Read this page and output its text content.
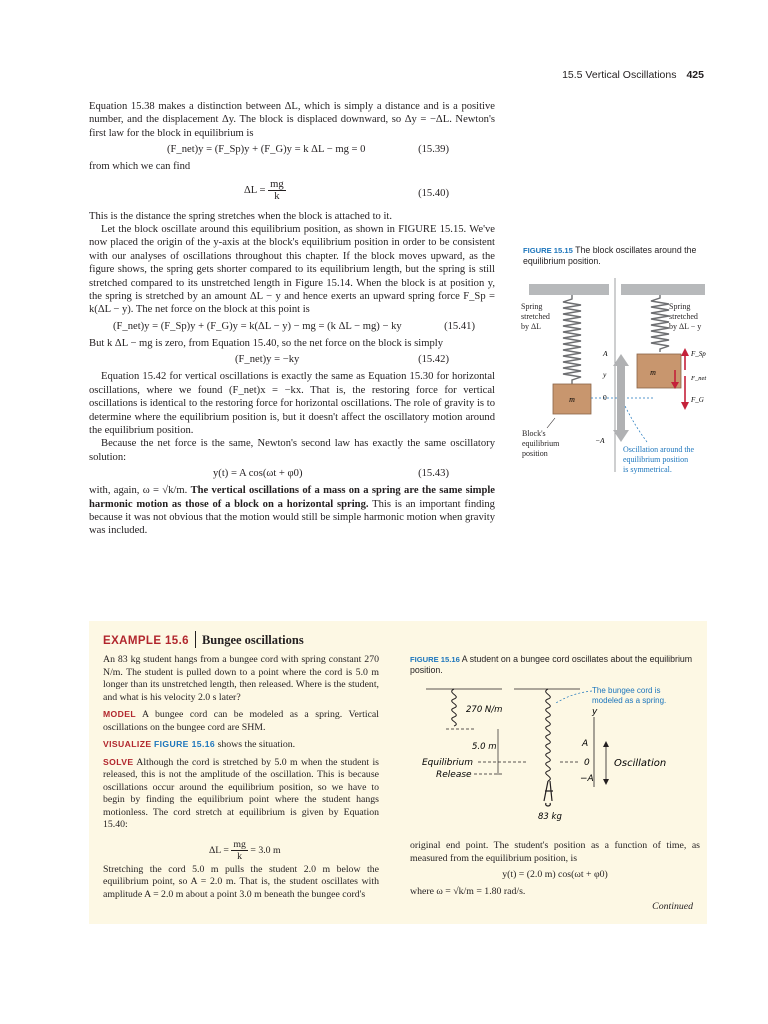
15.5 Vertical Oscillations 425

Equation 15.38 makes a distinction between ΔL, which is simply a distance and is a positive number, and the displacement Δy. The block is displaced downward, so Δy = −ΔL. Newton's first law for the block in equilibrium is

(F_net)y = (F_Sp)y + (F_G)y = k ΔL − mg = 0	(15.39)

from which we can find

$\Delta L = \frac{mg}{k}$	(15.40)

This is the distance the spring stretches when the block is attached to it.

Let the block oscillate around this equilibrium position, as shown in FIGURE 15.15. We've now placed the origin of the y-axis at the block's equilibrium position in order to be consistent with our analyses of oscillations throughout this chapter. If the block moves upward, as the figure shows, the spring gets shorter compared to its equilibrium length, but the spring is still stretched compared to its unstretched length in Figure 15.14. When the block is at position y, the spring is stretched by an amount ΔL − y and hence exerts an upward spring force F_Sp = k(ΔL − y). The net force on the block at this point is

(F_net)y = (F_Sp)y + (F_G)y = k(ΔL − y) − mg = (k ΔL − mg) − ky	(15.41)

But k ΔL − mg is zero, from Equation 15.40, so the net force on the block is simply

(F_net)y = −ky	(15.42)

Equation 15.42 for vertical oscillations is exactly the same as Equation 15.30 for horizontal oscillations, where we found (F_net)x = −kx. That is, the restoring force for vertical oscillations is identical to the restoring force for horizontal oscillations. The role of gravity is to determine where the equilibrium position is, but it doesn't affect the oscillatory motion around the equilibrium position.

Because the net force is the same, Newton's second law has exactly the same oscillatory solution:

y(t) = A cos(ωt + φ0)	(15.43)

with, again, ω = √k/m. The vertical oscillations of a mass on a spring are the same simple harmonic motion as those of a block on a horizontal spring. This is an important finding because it was not obvious that the motion would still be simple harmonic motion when gravity was included.

FIGURE 15.15 The block oscillates around the equilibrium position.
m
m
A
y
0
−A
F_Sp
F_net
F_G
Spring stretched by ΔL
Spring stretched by ΔL − y
Block's equilibrium position	Oscillation around the equilibrium position is symmetrical.
EXAMPLE 15.6 Bungee oscillations

An 83 kg student hangs from a bungee cord with spring constant 270 N/m. The student is pulled down to a point where the cord is 5.0 m longer than its unstretched length, then released. Where is the student, and what is his velocity 2.0 s later?

MODEL A bungee cord can be modeled as a spring. Vertical oscillations on the bungee cord are SHM.

VISUALIZE FIGURE 15.16 shows the situation.

SOLVE Although the cord is stretched by 5.0 m when the student is released, this is not the amplitude of the oscillation. This is because oscillations occur around the equilibrium position, so we have to begin by finding the equilibrium point where the student hangs motionless. The cord stretch at equilibrium is given by Equation 15.40:

$\Delta L = \frac{mg}{k} = 3.0$ m

Stretching the cord 5.0 m pulls the student 2.0 m below the equilibrium point, so A = 2.0 m. That is, the student oscillates with amplitude A = 2.0 m about a point 3.0 m beneath the bungee cord's

FIGURE 15.16 A student on a bungee cord oscillates about the equilibrium position.
270 N/m
5.0 m
Equilibrium
Release
83 kg
The bungee cord is modeled as a spring.
y
A
0
−A
Oscillation

original end point. The student's position as a function of time, as measured from the equilibrium position, is

y(t) = (2.0 m) cos(ωt + φ0)

where ω = √k/m = 1.80 rad/s.

Continued
